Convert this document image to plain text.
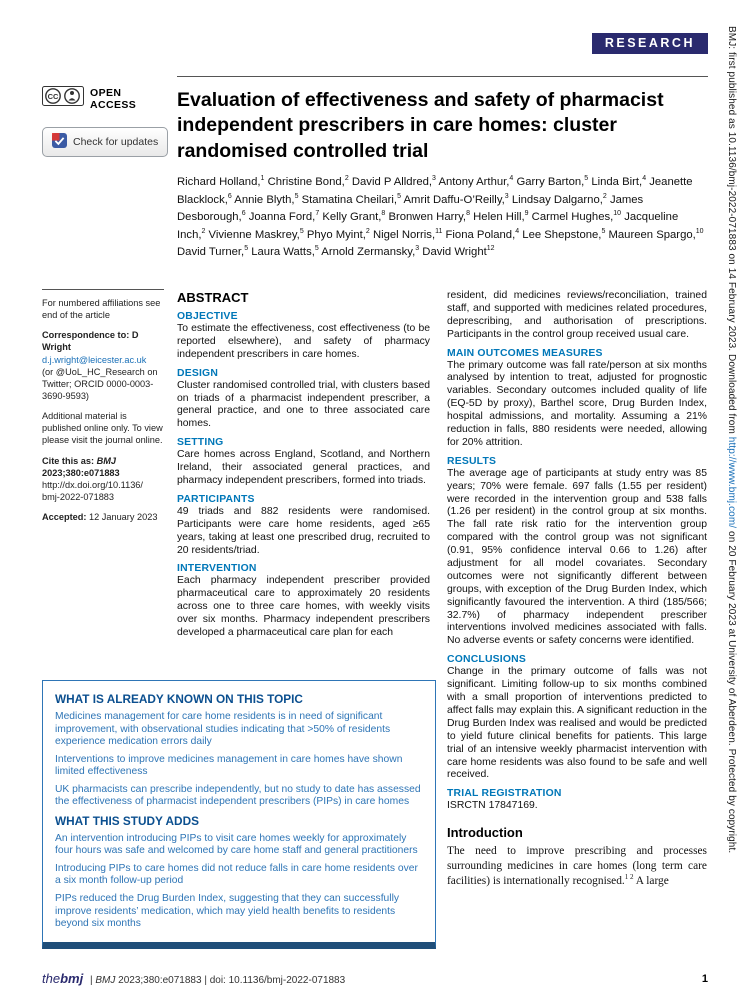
BMJ: first published as 10.1136/bmj-2022-071883 on 14 February 2023. Downloaded from http://www.bmj.com/ on 20 February 2023 at University of Aberdeen. Protected by copyright.
RESEARCH
CC	OPEN ACCESS
Check for updates
Evaluation of effectiveness and safety of pharmacist independent prescribers in care homes: cluster randomised controlled trial
Richard Holland,$^1$ Christine Bond,$^2$ David P Alldred,$^3$ Antony Arthur,$^4$ Garry Barton,$^5$ Linda Birt,$^4$ Jeanette Blacklock,$^6$ Annie Blyth,$^5$ Stamatina Cheilari,$^5$ Amrit Daffu-O’Reilly,$^3$ Lindsay Dalgarno,$^2$ James Desborough,$^6$ Joanna Ford,$^7$ Kelly Grant,$^8$ Bronwen Harry,$^8$ Helen Hill,$^9$ Carmel Hughes,$^{10}$ Jacqueline Inch,$^2$ Vivienne Maskrey,$^5$ Phyo Myint,$^2$ Nigel Norris,$^{11}$ Fiona Poland,$^4$ Lee Shepstone,$^5$ Maureen Spargo,$^{10}$ David Turner,$^5$ Laura Watts,$^5$ Arnold Zermansky,$^3$ David Wright$^{12}$

For numbered affiliations see end of the article

Correspondence to: D Wright
d.j.wright@leicester.ac.uk
(or @UoL_HC_Research on Twitter; ORCID 0000-0003-3690-9593)

Additional material is published online only. To view please visit the journal online.

Cite this as: BMJ 2023;380:e071883
http://dx.doi.org/10.1136/
bmj-2022-071883

Accepted: 12 January 2023

ABSTRACT
OBJECTIVE

To estimate the effectiveness, cost effectiveness (to be reported elsewhere), and safety of pharmacy independent prescribers in care homes.

DESIGN

Cluster randomised controlled trial, with clusters based on triads of a pharmacist independent prescriber, a general practice, and one to three associated care homes.

SETTING

Care homes across England, Scotland, and Northern Ireland, their associated general practices, and pharmacy independent prescribers, formed into triads.

PARTICIPANTS

49 triads and 882 residents were randomised. Participants were care home residents, aged ≥65 years, taking at least one prescribed drug, recruited to 20 residents/triad.

INTERVENTION

Each pharmacy independent prescriber provided pharmaceutical care to approximately 20 residents across one to three care homes, with weekly visits over six months. Pharmacy independent prescribers developed a pharmaceutical care plan for each

resident, did medicines reviews/reconciliation, trained staff, and supported with medicines related procedures, deprescribing, and authorisation of prescriptions. Participants in the control group received usual care.

MAIN OUTCOMES MEASURES

The primary outcome was fall rate/person at six months analysed by intention to treat, adjusted for prognostic variables. Secondary outcomes included quality of life (EQ-5D by proxy), Barthel score, Drug Burden Index, hospital admissions, and mortality. Assuming a 21% reduction in falls, 880 residents were needed, allowing for 20% attrition.

RESULTS

The average age of participants at study entry was 85 years; 70% were female. 697 falls (1.55 per resident) were recorded in the intervention group and 538 falls (1.26 per resident) in the control group at six months. The fall rate risk ratio for the intervention group compared with the control group was not significant (0.91, 95% confidence interval 0.66 to 1.26) after adjustment for all model covariates. Secondary outcomes were not significantly different between groups, with exception of the Drug Burden Index, which significantly favoured the intervention. A third (185/566; 32.7%) of pharmacy independent prescriber interventions involved medicines associated with falls. No adverse events or safety concerns were identified.

CONCLUSIONS

Change in the primary outcome of falls was not significant. Limiting follow-up to six months combined with a small proportion of interventions predicted to affect falls may explain this. A significant reduction in the Drug Burden Index was realised and would be predicted to yield future clinical benefits for patients. This large trial of an intensive weekly pharmacist intervention with care home residents was also found to be safe and well received.

TRIAL REGISTRATION

ISRCTN 17847169.

Introduction

The need to improve prescribing and processes surrounding medicines in care homes (long term care facilities) is internationally recognised.$^{1 2}$ A large

WHAT IS ALREADY KNOWN ON THIS TOPIC

Medicines management for care home residents is in need of significant improvement, with observational studies indicating that >50% of residents experience medication errors daily

Interventions to improve medicines management in care homes have shown limited effectiveness

UK pharmacists can prescribe independently, but no study to date has assessed the effectiveness of pharmacist independent prescribers (PIPs) in care homes

WHAT THIS STUDY ADDS

An intervention introducing PIPs to visit care homes weekly for approximately four hours was safe and welcomed by care home staff and general practitioners

Introducing PIPs to care homes did not reduce falls in care home residents over a six month follow-up period

PIPs reduced the Drug Burden Index, suggesting that they can successfully improve residents’ medication, which may yield health benefits to residents beyond six months

thebmj | BMJ 2023;380:e071883 | doi: 10.1136/bmj-2022-071883	1
